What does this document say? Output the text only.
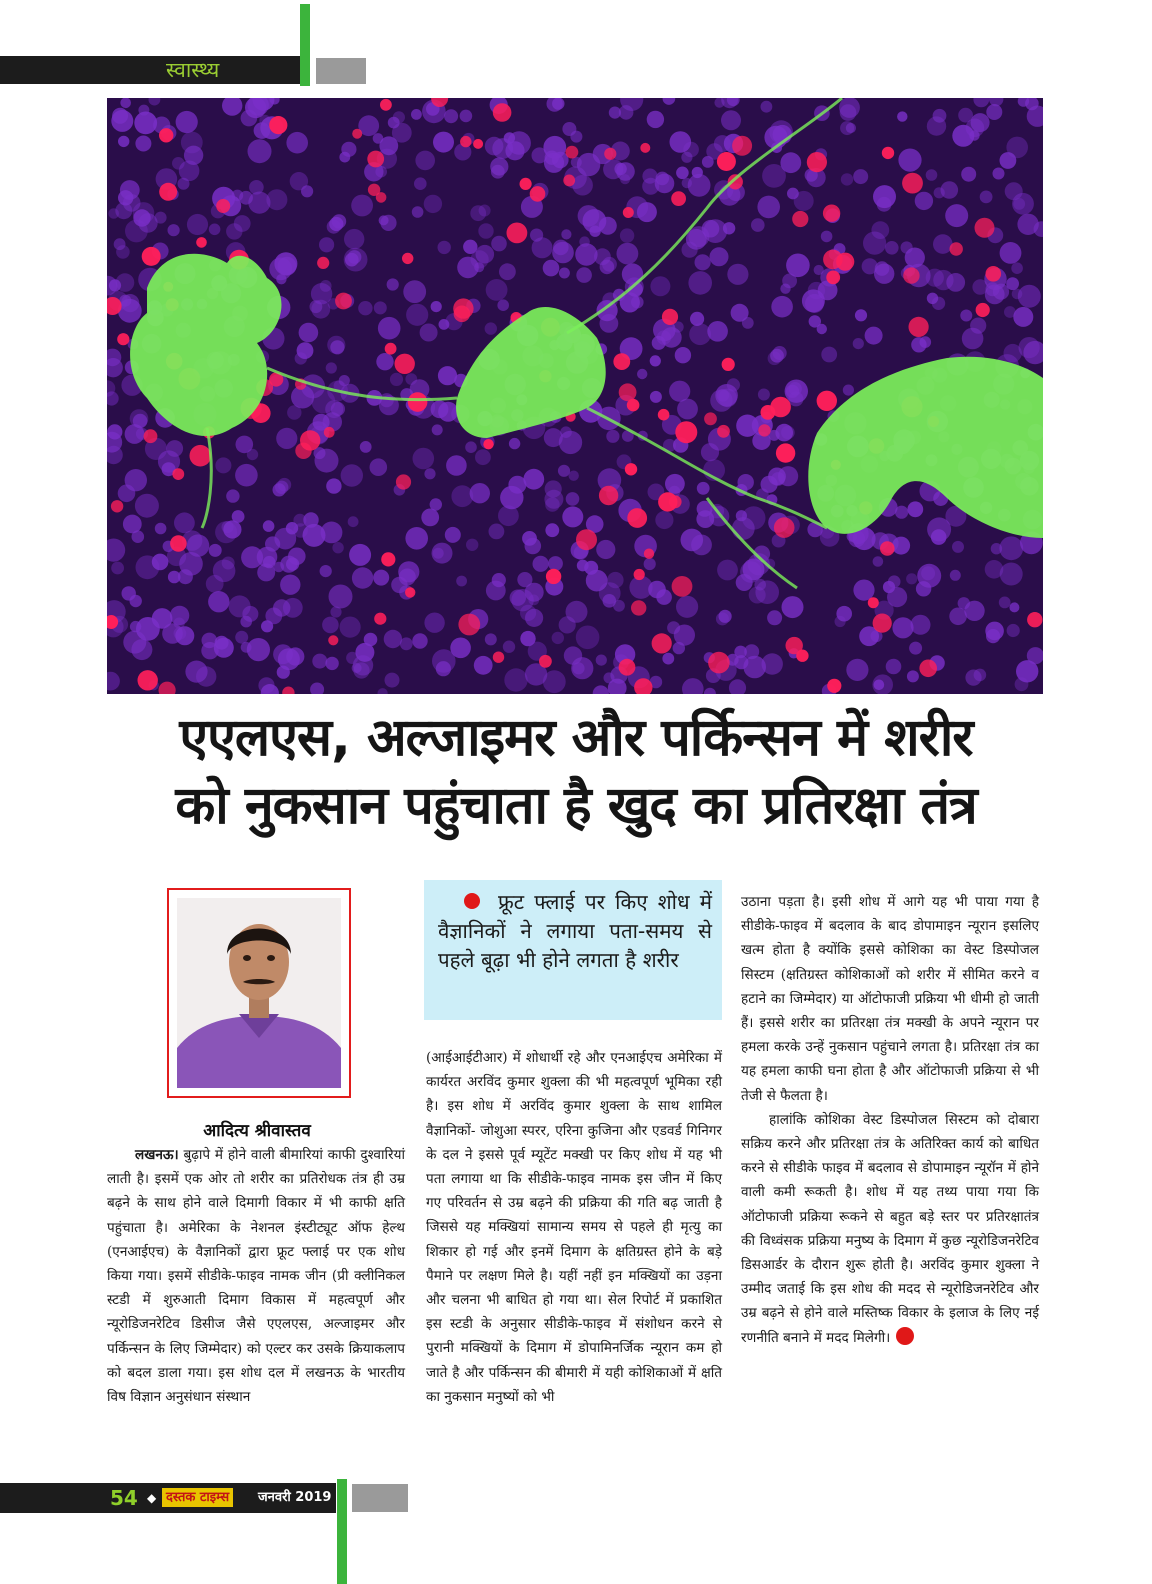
स्वास्थ्य
एएलएस, अल्जाइमर और पर्किन्सन में शरीर
को नुकसान पहुंचाता है खुद का प्रतिरक्षा तंत्र
आदित्य श्रीवास्तव

लखनऊ। बुढ़ापे में होने वाली बीमारियां काफी दुश्वारियां लाती है। इसमें एक ओर तो शरीर का प्रतिरोधक तंत्र ही उम्र बढ़ने के साथ होने वाले दिमागी विकार में भी काफी क्षति पहुंचाता है। अमेरिका के नेशनल इंस्टीट्यूट ऑफ हेल्थ (एनआईएच) के वैज्ञानिकों द्वारा फ्रूट फ्लाई पर एक शोध किया गया। इसमें सीडीके-फाइव नामक जीन (प्री क्लीनिकल स्टडी में शुरुआती दिमाग विकास में महत्वपूर्ण और न्यूरोडिजनरेटिव डिसीज जैसे एएलएस, अल्जाइमर और पर्किन्सन के लिए जिम्मेदार) को एल्टर कर उसके क्रियाकलाप को बदल डाला गया। इस शोध दल में लखनऊ के भारतीय विष विज्ञान अनुसंधान संस्थान

फ्रूट फ्लाई पर किए शोध में वैज्ञानिकों ने लगाया पता-समय से पहले बूढ़ा भी होने लगता है शरीर

(आईआईटीआर) में शोधार्थी रहे और एनआईएच अमेरिका में कार्यरत अरविंद कुमार शुक्ला की भी महत्वपूर्ण भूमिका रही है। इस शोध में अरविंद कुमार शुक्ला के साथ शामिल वैज्ञानिकों- जोशुआ स्परर, एरिना कुजिना और एडवर्ड गिनिगर के दल ने इससे पूर्व म्यूटेंट मक्खी पर किए शोध में यह भी पता लगाया था कि सीडीके-फाइव नामक इस जीन में किए गए परिवर्तन से उम्र बढ़ने की प्रक्रिया की गति बढ़ जाती है जिससे यह मक्खियां सामान्य समय से पहले ही मृत्यु का शिकार हो गई और इनमें दिमाग के क्षतिग्रस्त होने के बड़े पैमाने पर लक्षण मिले है। यहीं नहीं इन मक्खियों का उड़ना और चलना भी बाधित हो गया था। सेल रिपोर्ट में प्रकाशित इस स्टडी के अनुसार सीडीके-फाइव में संशोधन करने से पुरानी मक्खियों के दिमाग में डोपामिनर्जिक न्यूरान कम हो जाते है और पर्किन्सन की बीमारी में यही कोशिकाओं में क्षति का नुकसान मनुष्यों को भी

उठाना पड़ता है। इसी शोध में आगे यह भी पाया गया है सीडीके-फाइव में बदलाव के बाद डोपामाइन न्यूरान इसलिए खत्म होता है क्योंकि इससे कोशिका का वेस्ट डिस्पोजल सिस्टम (क्षतिग्रस्त कोशिकाओं को शरीर में सीमित करने व हटाने का जिम्मेदार) या ऑटोफाजी प्रक्रिया भी धीमी हो जाती हैं। इससे शरीर का प्रतिरक्षा तंत्र मक्खी के अपने न्यूरान पर हमला करके उन्हें नुकसान पहुंचाने लगता है। प्रतिरक्षा तंत्र का यह हमला काफी घना होता है और ऑटोफाजी प्रक्रिया से भी तेजी से फैलता है।

हालांकि कोशिका वेस्ट डिस्पोजल सिस्टम को दोबारा सक्रिय करने और प्रतिरक्षा तंत्र के अतिरिक्त कार्य को बाधित करने से सीडीके फाइव में बदलाव से डोपामाइन न्यूरॉन में होने वाली कमी रूकती है। शोध में यह तथ्य पाया गया कि ऑटोफाजी प्रक्रिया रूकने से बहुत बड़े स्तर पर प्रतिरक्षातंत्र की विध्वंसक प्रक्रिया मनुष्य के दिमाग में कुछ न्यूरोडिजनरेटिव डिसआर्डर के दौरान शुरू होती है। अरविंद कुमार शुक्ला ने उम्मीद जताई कि इस शोध की मदद से न्यूरोडिजनरेटिव और उम्र बढ़ने से होने वाले मस्तिष्क विकार के इलाज के लिए नई रणनीति बनाने में मदद मिलेगी।

54 ◆ दस्तक टाइम्स	जनवरी 2019
